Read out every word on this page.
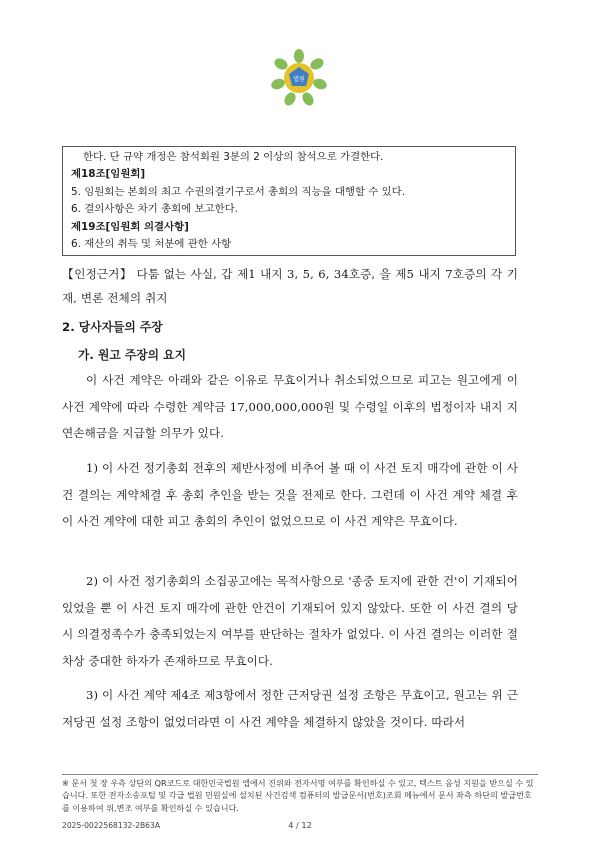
법원
한다. 단 규약 개정은 참석회원 3분의 2 이상의 참석으로 가결한다.
제18조[임원회]
5. 임원회는 본회의 최고 수권의결기구로서 총회의 직능을 대행할 수 있다.
6. 결의사항은 차기 총회에 보고한다.
제19조[임원회 의결사항]
6. 재산의 취득 및 처분에 관한 사항

【인정근거】 다툼 없는 사실, 갑 제1 내지 3, 5, 6, 34호증, 을 제5 내지 7호증의 각 기재, 변론 전체의 취지

2. 당사자들의 주장
가. 원고 주장의 요지

이 사건 계약은 아래와 같은 이유로 무효이거나 취소되었으므로 피고는 원고에게 이 사건 계약에 따라 수령한 계약금 17,000,000,000원 및 수령일 이후의 법정이자 내지 지연손해금을 지급할 의무가 있다.

1) 이 사건 정기총회 전후의 제반사정에 비추어 볼 때 이 사건 토지 매각에 관한 이 사건 결의는 계약체결 후 총회 추인을 받는 것을 전제로 한다. 그런데 이 사건 계약 체결 후 이 사건 계약에 대한 피고 총회의 추인이 없었으므로 이 사건 계약은 무효이다.

2) 이 사건 정기총회의 소집공고에는 목적사항으로 '종중 토지에 관한 건'이 기재되어 있었을 뿐 이 사건 토지 매각에 관한 안건이 기재되어 있지 않았다. 또한 이 사건 결의 당시 의결정족수가 충족되었는지 여부를 판단하는 절차가 없었다. 이 사건 결의는 이러한 절차상 중대한 하자가 존재하므로 무효이다.

3) 이 사건 계약 제4조 제3항에서 정한 근저당권 설정 조항은 무효이고, 원고는 위 근저당권 설정 조항이 없었더라면 이 사건 계약을 체결하지 않았을 것이다. 따라서

※ 문서 첫 장 우측 상단의 QR코드로 대한민국법원 앱에서 진위와 전자서명 여부를 확인하실 수 있고, 텍스트 음성 지원을 받으실 수 있습니다. 또한 전자소송포털 및 각급 법원 민원실에 설치된 사건검색 컴퓨터의 발급문서(번호)조회 메뉴에서 문서 좌측 하단의 발급번호를 이용하여 위,변조 여부를 확인하실 수 있습니다.
2025-0022568132-2B63A	4 / 12
